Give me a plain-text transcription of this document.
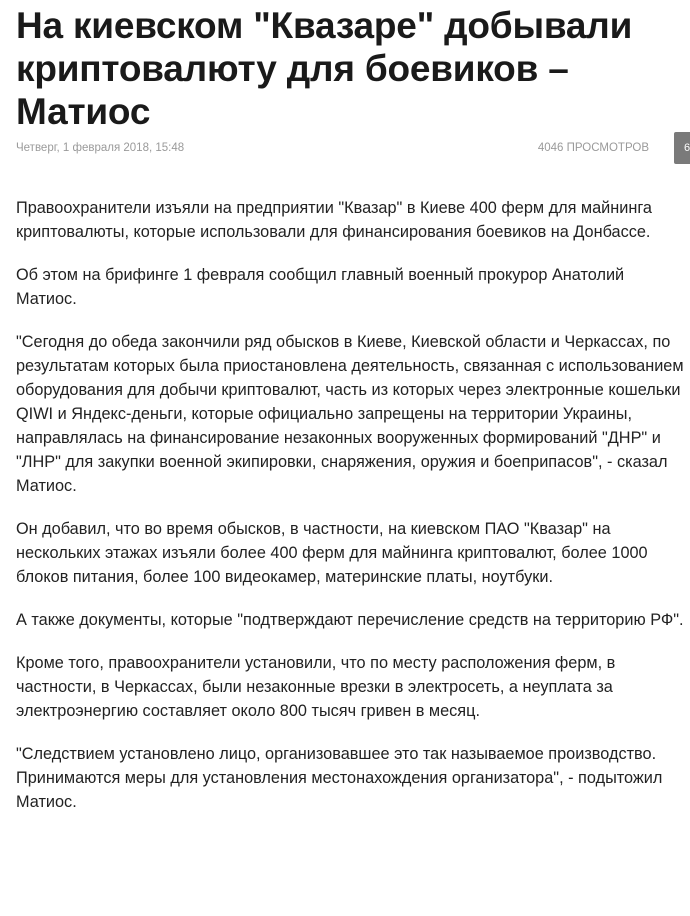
На киевском "Квазаре" добывали криптовалюту для боевиков – Матиос
Четверг, 1 февраля 2018, 15:48	4046 ПРОСМОТРОВ	6

Правоохранители изъяли на предприятии "Квазар" в Киеве 400 ферм для майнинга криптовалюты, которые использовали для финансирования боевиков на Донбассе.

Об этом на брифинге 1 февраля сообщил главный военный прокурор Анатолий Матиос.

"Сегодня до обеда закончили ряд обысков в Киеве, Киевской области и Черкассах, по результатам которых была приостановлена деятельность, связанная с использованием оборудования для добычи криптовалют, часть из которых через электронные кошельки QIWI и Яндекс-деньги, которые официально запрещены на территории Украины, направлялась на финансирование незаконных вооруженных формирований "ДНР" и "ЛНР" для закупки военной экипировки, снаряжения, оружия и боеприпасов", - сказал Матиос.

Он добавил, что во время обысков, в частности, на киевском ПАО "Квазар" на нескольких этажах изъяли более 400 ферм для майнинга криптовалют, более 1000 блоков питания, более 100 видеокамер, материнские платы, ноутбуки.

А также документы, которые "подтверждают перечисление средств на территорию РФ".

Кроме того, правоохранители установили, что по месту расположения ферм, в частности, в Черкассах, были незаконные врезки в электросеть, а неуплата за электроэнергию составляет около 800 тысяч гривен в месяц.

"Следствием установлено лицо, организовавшее это так называемое производство. Принимаются меры для установления местонахождения организатора", - подытожил Матиос.
